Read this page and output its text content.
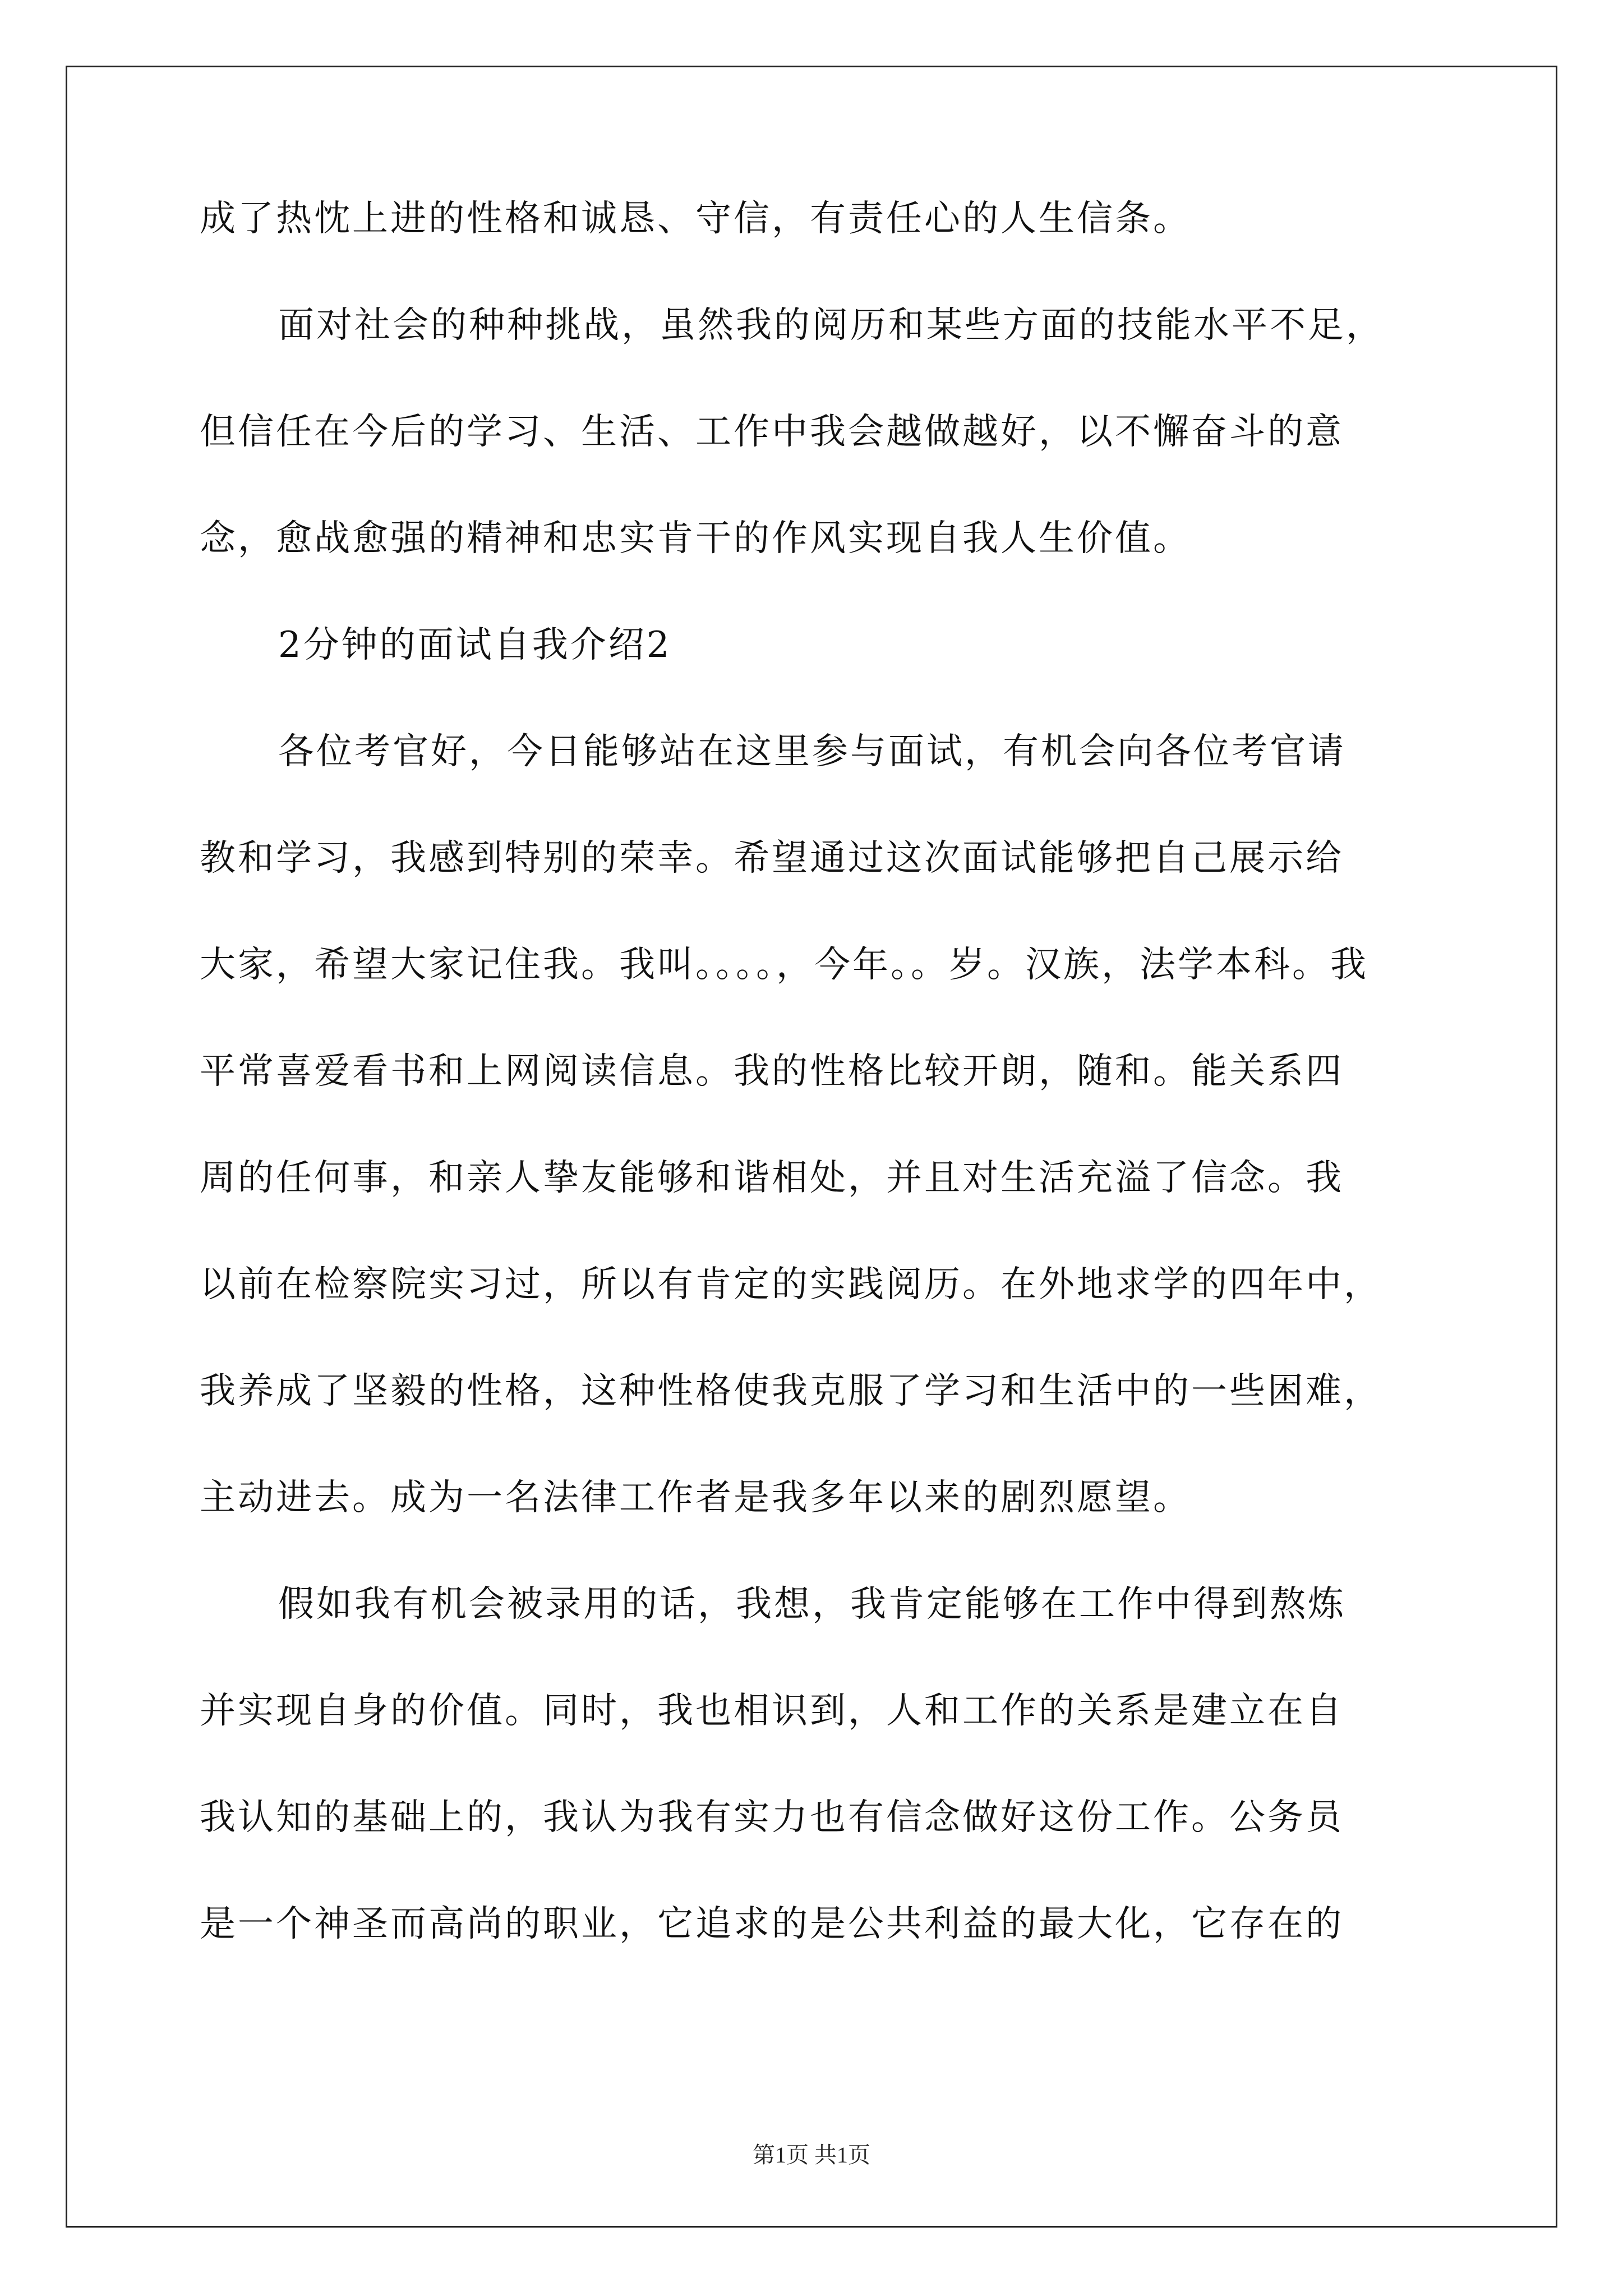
成了热忱上进的性格和诚恳、守信，有责任心的人生信条。
面对社会的种种挑战，虽然我的阅历和某些方面的技能水平不足，
但信任在今后的学习、生活、工作中我会越做越好，以不懈奋斗的意
念，愈战愈强的精神和忠实肯干的作风实现自我人生价值。
2分钟的面试自我介绍2
各位考官好，今日能够站在这里参与面试，有机会向各位考官请
教和学习，我感到特别的荣幸。希望通过这次面试能够把自己展示给
大家，希望大家记住我。我叫。。。。，今年。。岁。汉族，法学本科。我
平常喜爱看书和上网阅读信息。我的性格比较开朗，随和。能关系四
周的任何事，和亲人挚友能够和谐相处，并且对生活充溢了信念。我
以前在检察院实习过，所以有肯定的实践阅历。在外地求学的四年中，
我养成了坚毅的性格，这种性格使我克服了学习和生活中的一些困难，
主动进去。成为一名法律工作者是我多年以来的剧烈愿望。
假如我有机会被录用的话，我想，我肯定能够在工作中得到熬炼
并实现自身的价值。同时，我也相识到，人和工作的关系是建立在自
我认知的基础上的，我认为我有实力也有信念做好这份工作。公务员
是一个神圣而高尚的职业，它追求的是公共利益的最大化，它存在的
第1页 共1页
